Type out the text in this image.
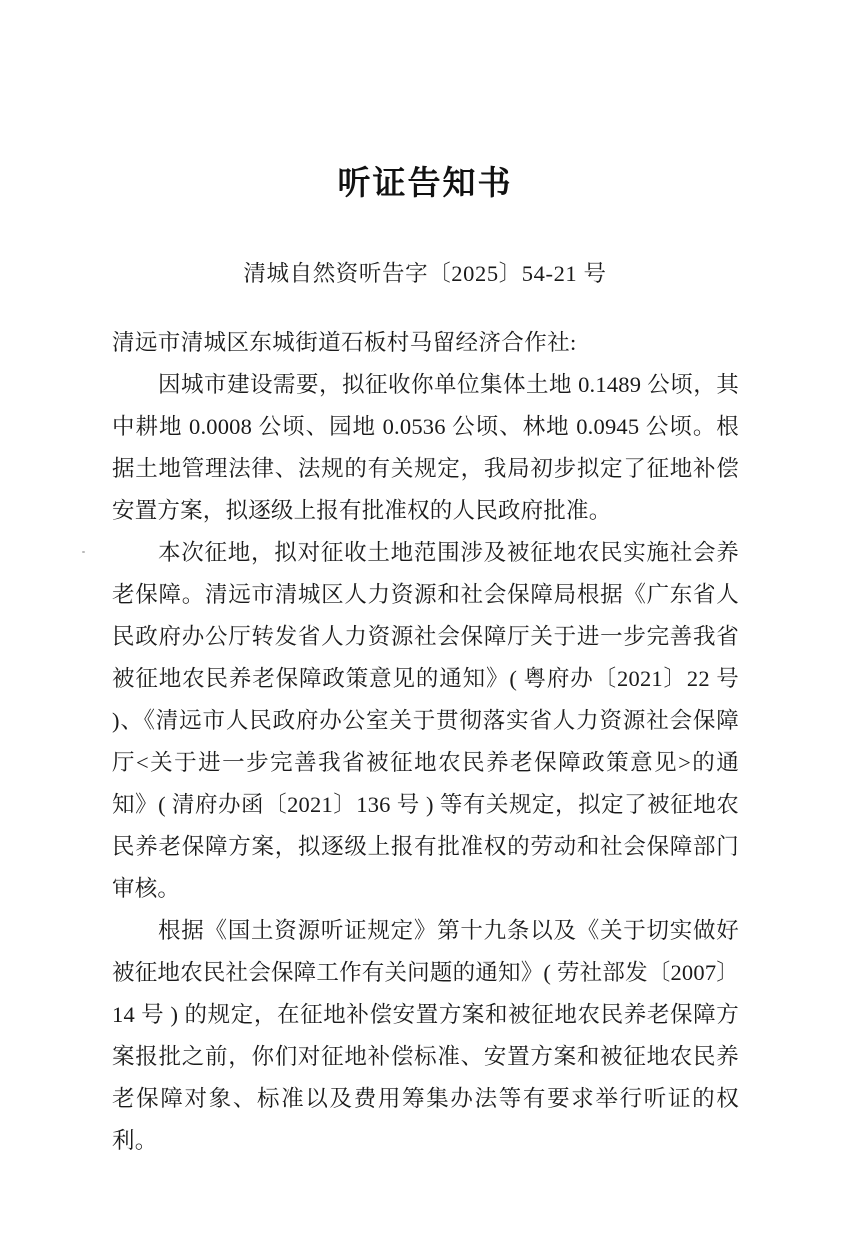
听证告知书
清城自然资听告字〔2025〕54-21 号
清远市清城区东城街道石板村马留经济合作社:

因城市建设需要，拟征收你单位集体土地 0.1489 公顷，其中耕地 0.0008 公顷、园地 0.0536 公顷、林地 0.0945 公顷。根据土地管理法律、法规的有关规定，我局初步拟定了征地补偿安置方案，拟逐级上报有批准权的人民政府批准。

本次征地，拟对征收土地范围涉及被征地农民实施社会养老保障。清远市清城区人力资源和社会保障局根据《广东省人民政府办公厅转发省人力资源社会保障厅关于进一步完善我省被征地农民养老保障政策意见的通知》( 粤府办〔2021〕22 号 )、《清远市人民政府办公室关于贯彻落实省人力资源社会保障厅<关于进一步完善我省被征地农民养老保障政策意见>的通知》( 清府办函〔2021〕136 号 ) 等有关规定，拟定了被征地农民养老保障方案，拟逐级上报有批准权的劳动和社会保障部门审核。

根据《国土资源听证规定》第十九条以及《关于切实做好被征地农民社会保障工作有关问题的通知》( 劳社部发〔2007〕14 号 ) 的规定，在征地补偿安置方案和被征地农民养老保障方案报批之前，你们对征地补偿标准、安置方案和被征地农民养老保障对象、标准以及费用筹集办法等有要求举行听证的权利。
